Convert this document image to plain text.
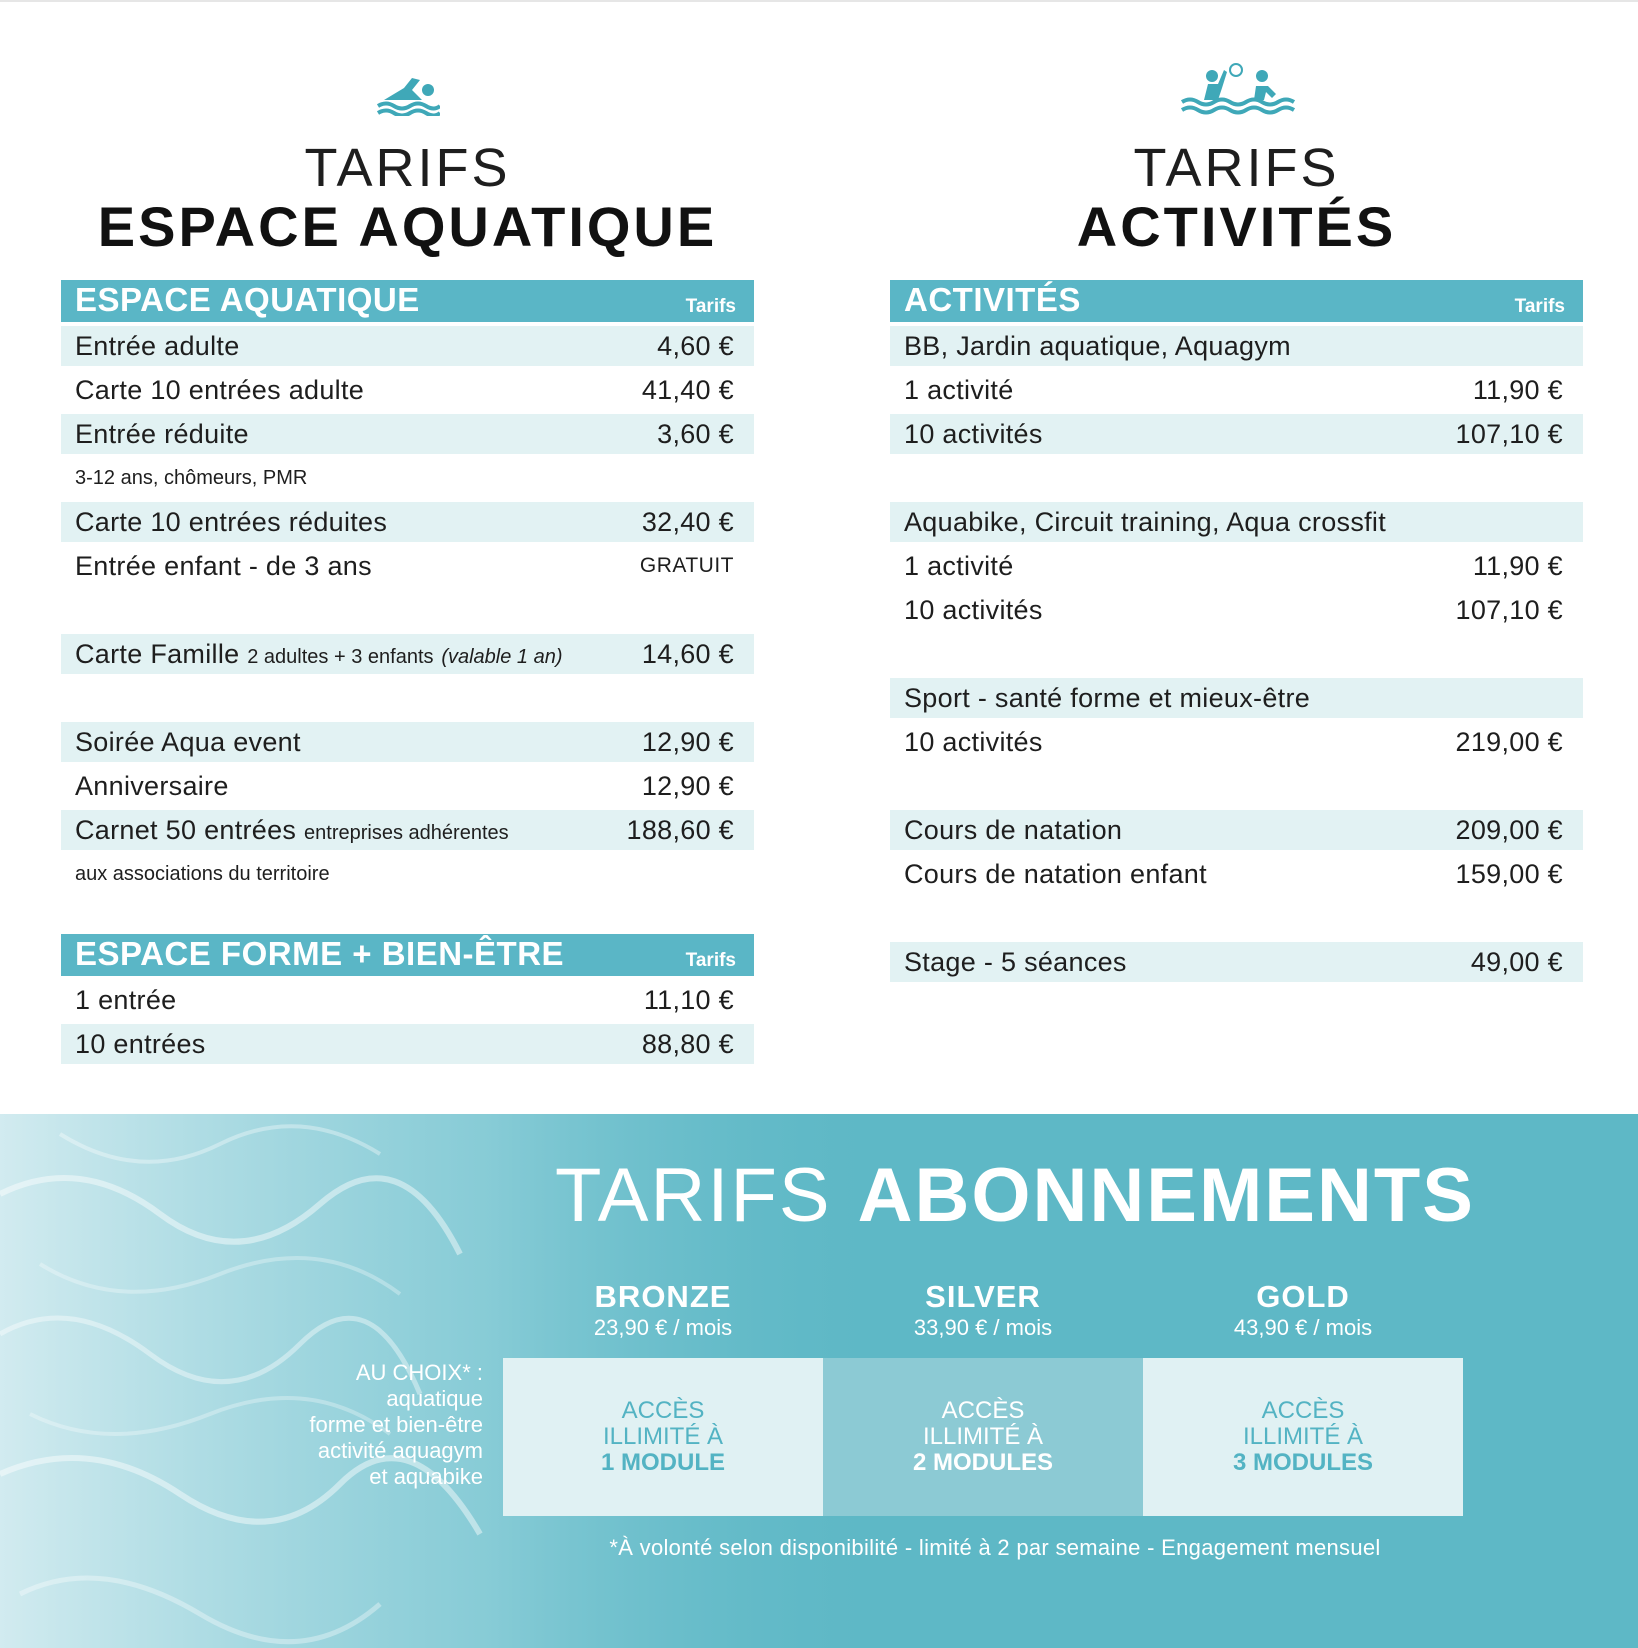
TARIFS
ESPACE AQUATIQUE
ESPACE AQUATIQUE	Tarifs
Entrée adulte	4,60 €
Carte 10 entrées adulte	41,40 €
Entrée réduite	3,60 €
3-12 ans, chômeurs, PMR
Carte 10 entrées réduites	32,40 €
Entrée enfant - de 3 ans	GRATUIT
Carte Famille 2 adultes + 3 enfants (valable 1 an)	14,60 €
Soirée Aqua event	12,90 €
Anniversaire	12,90 €
Carnet 50 entrées entreprises adhérentes	188,60 €
aux associations du territoire
ESPACE FORME + BIEN-ÊTRE	Tarifs
1 entrée	11,10 €
10 entrées	88,80 €
TARIFS
ACTIVITÉS
ACTIVITÉS	Tarifs
BB, Jardin aquatique, Aquagym
1 activité	11,90 €
10 activités	107,10 €
Aquabike, Circuit training, Aqua crossfit
1 activité	11,90 €
10 activités	107,10 €
Sport - santé forme et mieux-être
10 activités	219,00 €
Cours de natation	209,00 €
Cours de natation enfant	159,00 €
Stage - 5 séances	49,00 €
TARIFS ABONNEMENTS
BRONZE
23,90 € / mois
SILVER
33,90 € / mois
GOLD
43,90 € / mois
AU CHOIX* :
aquatique
forme et bien-être
activité aquagym
et aquabike
ACCÈS
ILLIMITÉ À
1 MODULE
ACCÈS
ILLIMITÉ À
2 MODULES
ACCÈS
ILLIMITÉ À
3 MODULES
*À volonté selon disponibilité - limité à 2 par semaine - Engagement mensuel
